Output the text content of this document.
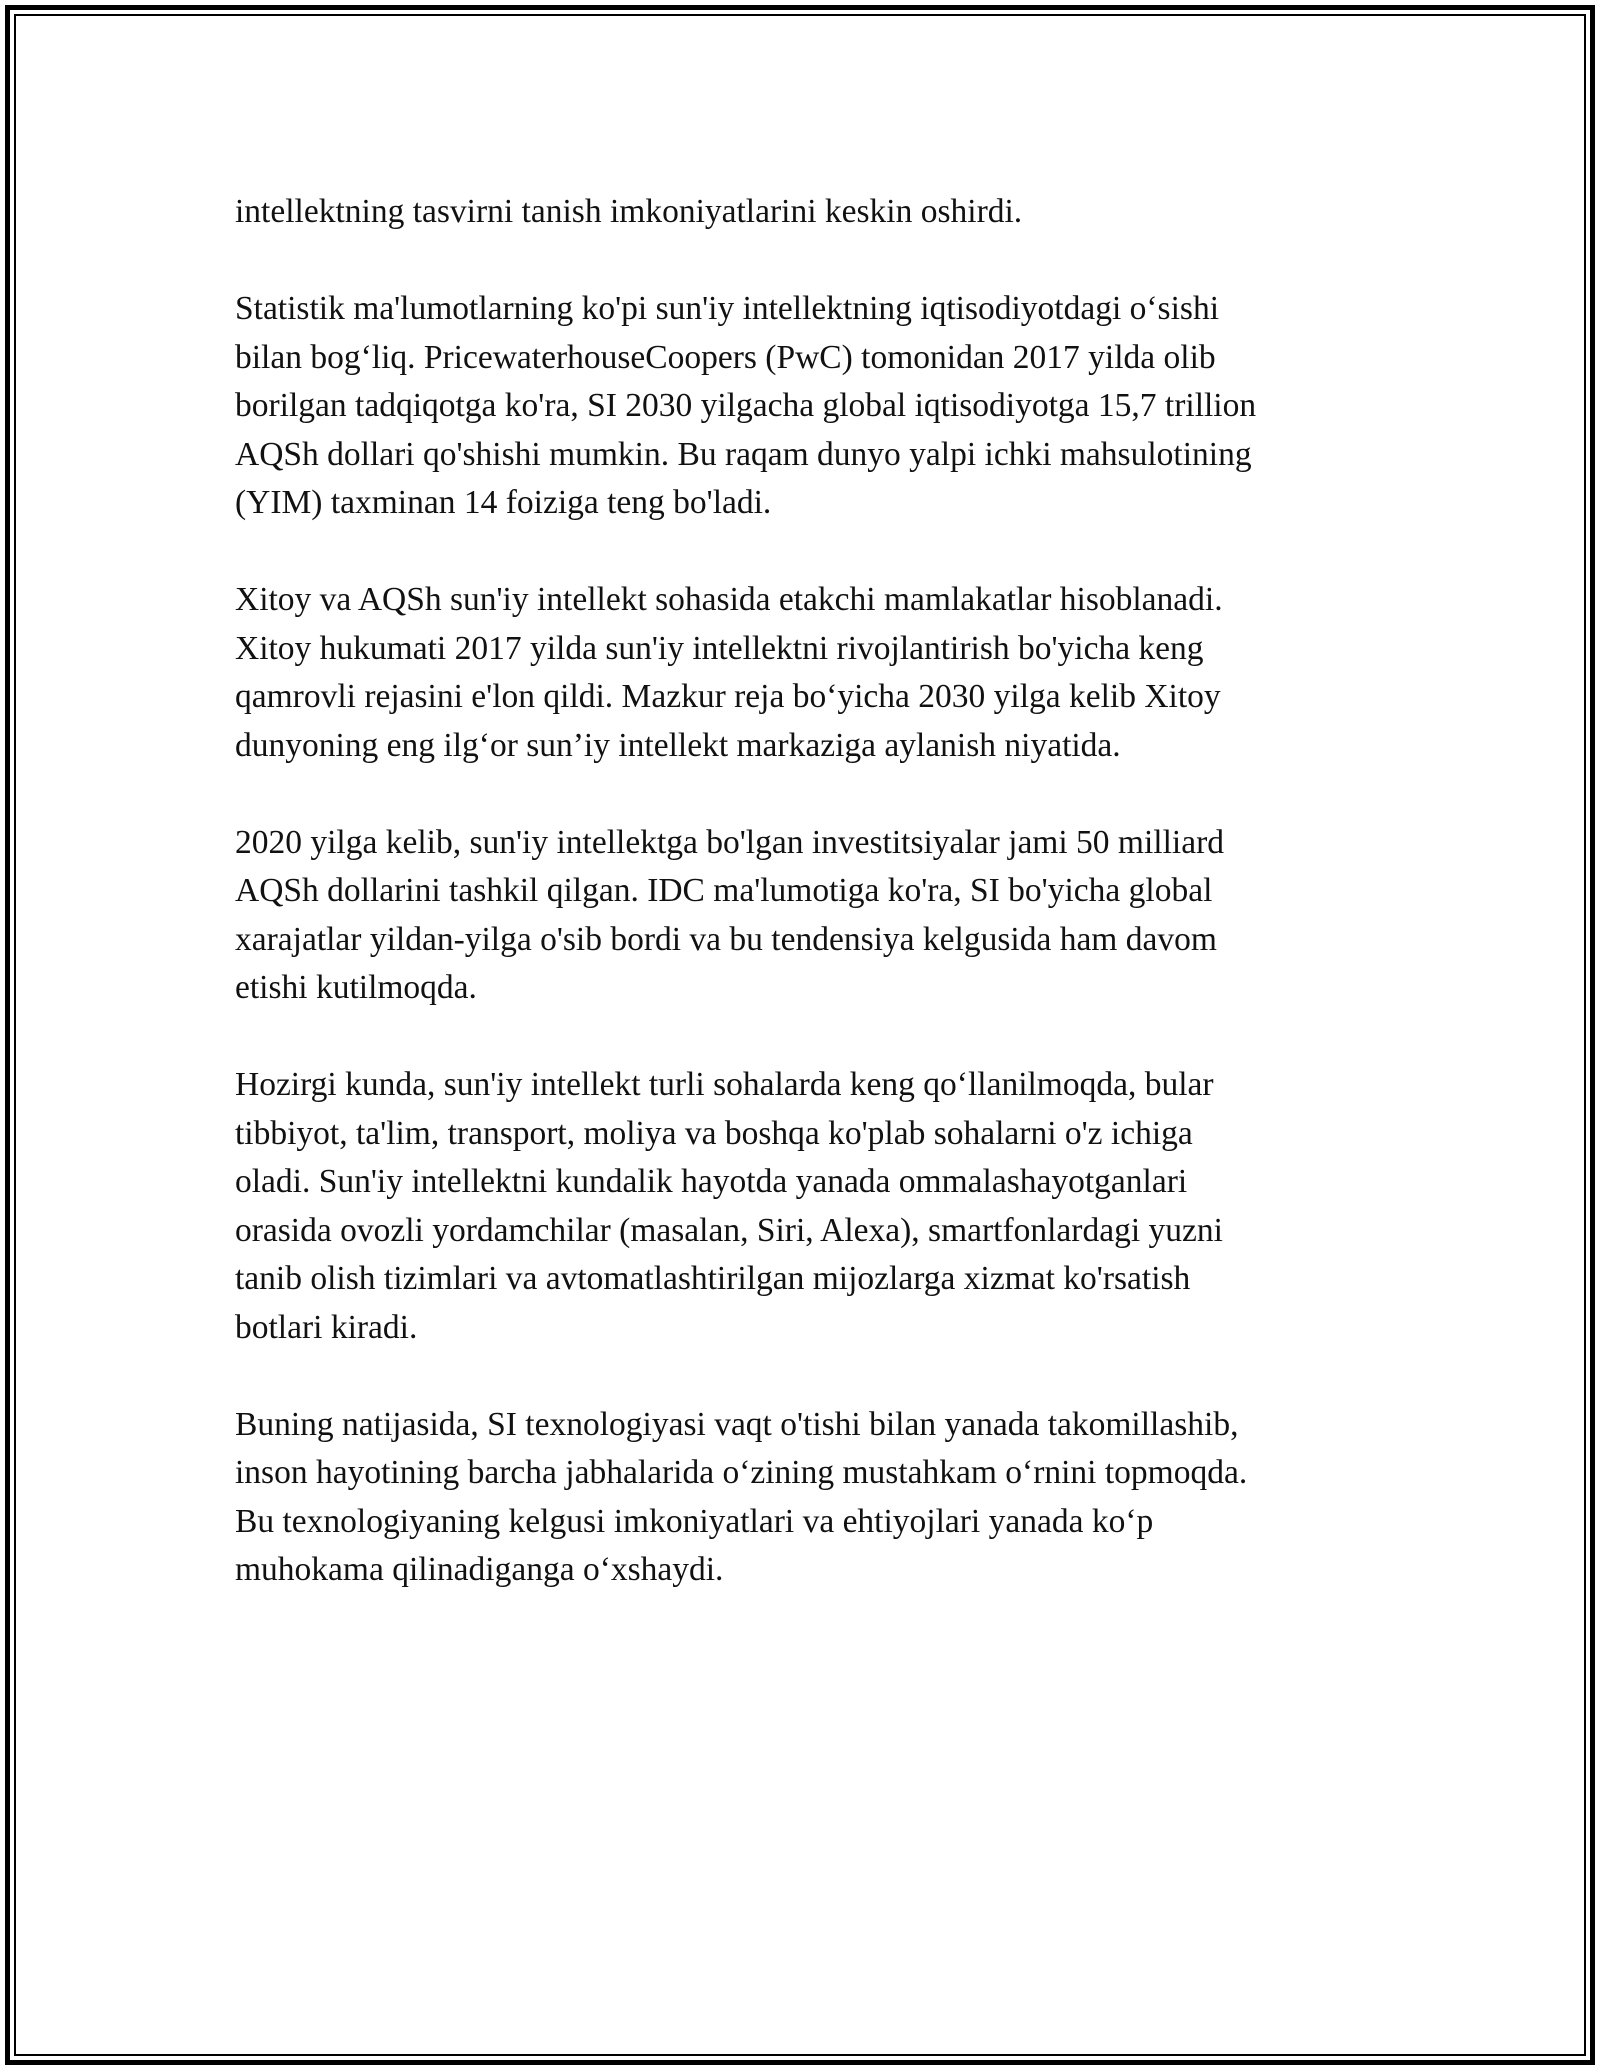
intellektning tasvirni tanish imkoniyatlarini keskin oshirdi.

Statistik ma'lumotlarning ko'pi sun'iy intellektning iqtisodiyotdagi o‘sishi
bilan bog‘liq. PricewaterhouseCoopers (PwC) tomonidan 2017 yilda olib
borilgan tadqiqotga ko'ra, SI 2030 yilgacha global iqtisodiyotga 15,7 trillion
AQSh dollari qo'shishi mumkin. Bu raqam dunyo yalpi ichki mahsulotining
(YIM) taxminan 14 foiziga teng bo'ladi.

Xitoy va AQSh sun'iy intellekt sohasida etakchi mamlakatlar hisoblanadi.
Xitoy hukumati 2017 yilda sun'iy intellektni rivojlantirish bo'yicha keng
qamrovli rejasini e'lon qildi. Mazkur reja bo‘yicha 2030 yilga kelib Xitoy
dunyoning eng ilg‘or sun’iy intellekt markaziga aylanish niyatida.

2020 yilga kelib, sun'iy intellektga bo'lgan investitsiyalar jami 50 milliard
AQSh dollarini tashkil qilgan. IDC ma'lumotiga ko'ra, SI bo'yicha global
xarajatlar yildan-yilga o'sib bordi va bu tendensiya kelgusida ham davom
etishi kutilmoqda.

Hozirgi kunda, sun'iy intellekt turli sohalarda keng qo‘llanilmoqda, bular
tibbiyot, ta'lim, transport, moliya va boshqa ko'plab sohalarni o'z ichiga
oladi. Sun'iy intellektni kundalik hayotda yanada ommalashayotganlari
orasida ovozli yordamchilar (masalan, Siri, Alexa), smartfonlardagi yuzni
tanib olish tizimlari va avtomatlashtirilgan mijozlarga xizmat ko'rsatish
botlari kiradi.

Buning natijasida, SI texnologiyasi vaqt o'tishi bilan yanada takomillashib,
inson hayotining barcha jabhalarida o‘zining mustahkam o‘rnini topmoqda.
Bu texnologiyaning kelgusi imkoniyatlari va ehtiyojlari yanada ko‘p
muhokama qilinadiganga o‘xshaydi.
